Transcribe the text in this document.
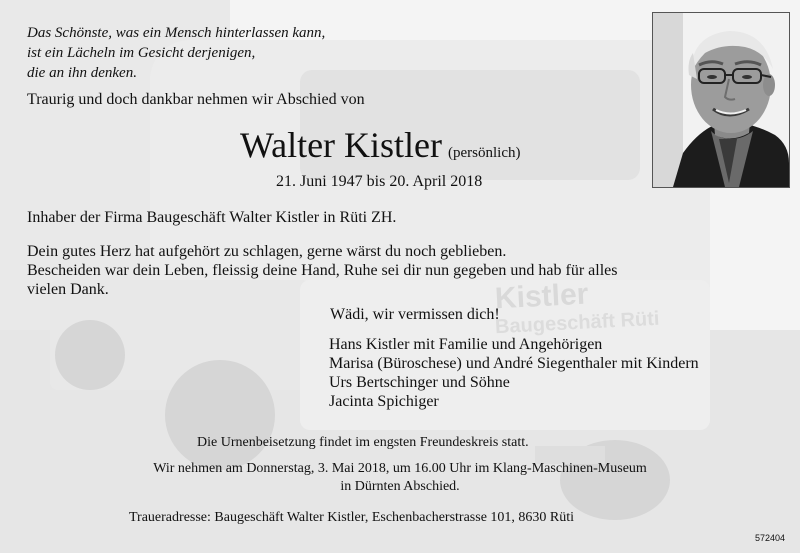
Kistler
Baugeschäft Rüti
Das Schönste, was ein Mensch hinterlassen kann,
ist ein Lächeln im Gesicht derjenigen,
die an ihn denken.
Traurig und doch dankbar nehmen wir Abschied von
Walter Kistler (persönlich)
21. Juni 1947 bis 20. April 2018
Inhaber der Firma Baugeschäft Walter Kistler in Rüti ZH.
Dein gutes Herz hat aufgehört zu schlagen, gerne wärst du noch geblieben.
Bescheiden war dein Leben, fleissig deine Hand, Ruhe sei dir nun gegeben und hab für alles
vielen Dank.
Wädi, wir vermissen dich!
Hans Kistler mit Familie und Angehörigen
Marisa (Büroschese) und André Siegenthaler mit Kindern
Urs Bertschinger und Söhne
Jacinta Spichiger
Die Urnenbeisetzung findet im engsten Freundeskreis statt.
Wir nehmen am Donnerstag, 3. Mai 2018, um 16.00 Uhr im Klang-Maschinen-Museum
in Dürnten Abschied.
Traueradresse: Baugeschäft Walter Kistler, Eschenbacherstrasse 101, 8630 Rüti
572404
